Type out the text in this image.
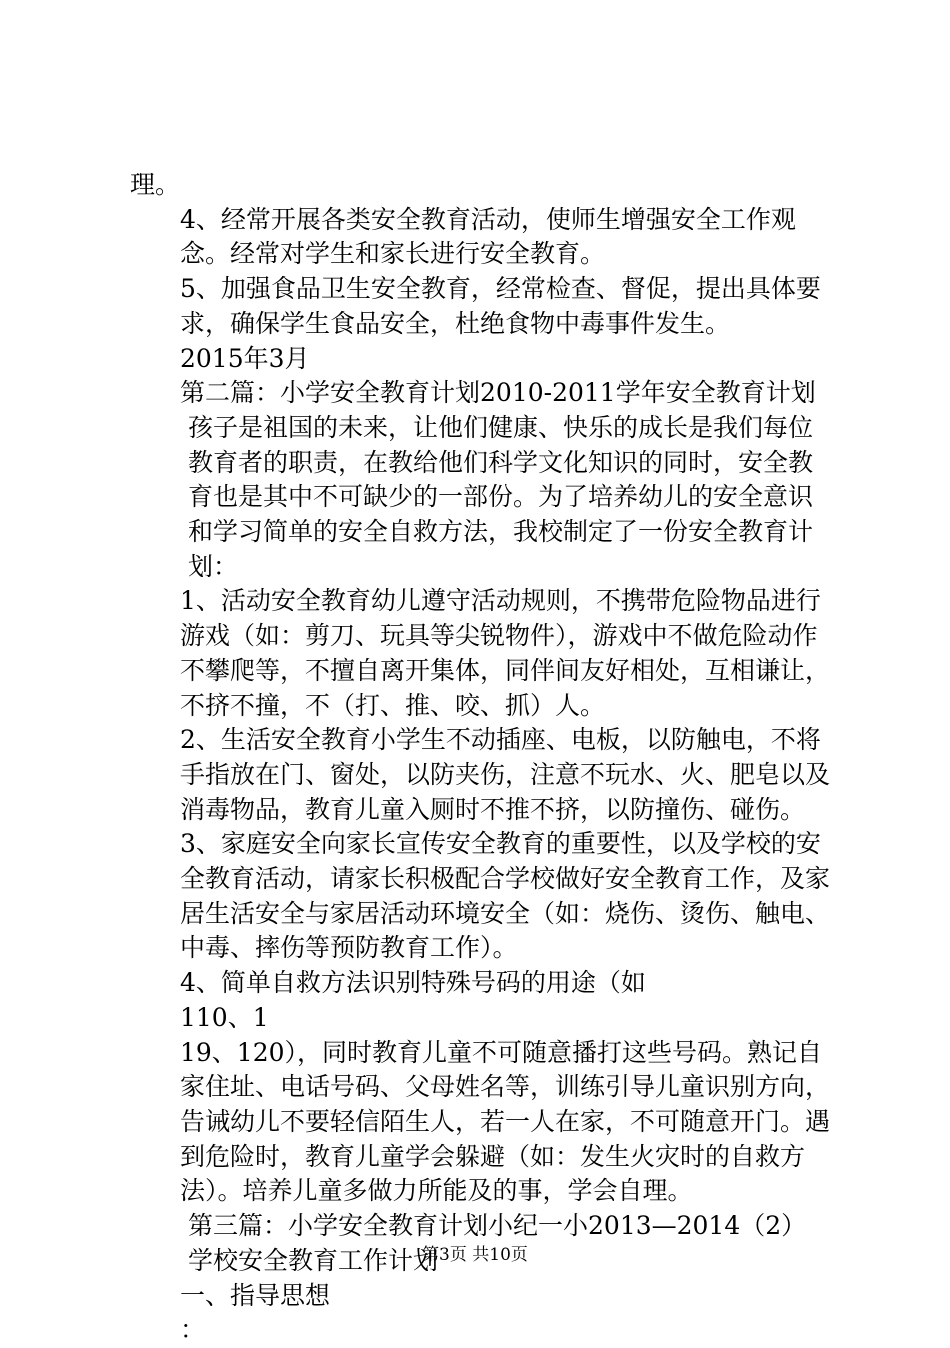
理。

4、经常开展各类安全教育活动，使师生增强安全工作观念。经常对学生和家长进行安全教育。

5、加强食品卫生安全教育，经常检查、督促，提出具体要求，确保学生食品安全，杜绝食物中毒事件发生。

2015年3月

第二篇：小学安全教育计划2010-2011学年安全教育计划

孩子是祖国的未来，让他们健康、快乐的成长是我们每位教育者的职责，在教给他们科学文化知识的同时，安全教育也是其中不可缺少的一部份。为了培养幼儿的安全意识和学习简单的安全自救方法，我校制定了一份安全教育计划：

1、活动安全教育幼儿遵守活动规则，不携带危险物品进行游戏（如：剪刀、玩具等尖锐物件），游戏中不做危险动作不攀爬等，不擅自离开集体，同伴间友好相处，互相谦让，不挤不撞，不（打、推、咬、抓）人。

2、生活安全教育小学生不动插座、电板，以防触电，不将手指放在门、窗处，以防夹伤，注意不玩水、火、肥皂以及消毒物品，教育儿童入厕时不推不挤，以防撞伤、碰伤。

3、家庭安全向家长宣传安全教育的重要性，以及学校的安全教育活动，请家长积极配合学校做好安全教育工作，及家居生活安全与家居活动环境安全（如：烧伤、烫伤、触电、中毒、摔伤等预防教育工作）。

4、简单自救方法识别特殊号码的用途（如

110、1

19、120），同时教育儿童不可随意播打这些号码。熟记自家住址、电话号码、父母姓名等，训练引导儿童识别方向，告诫幼儿不要轻信陌生人，若一人在家，不可随意开门。遇到危险时，教育儿童学会躲避（如：发生火灾时的自救方法）。培养儿童多做力所能及的事，学会自理。

第三篇：小学安全教育计划小纪一小2013—2014（2）学校安全教育工作计划

一、指导思想

：

第3页 共10页
